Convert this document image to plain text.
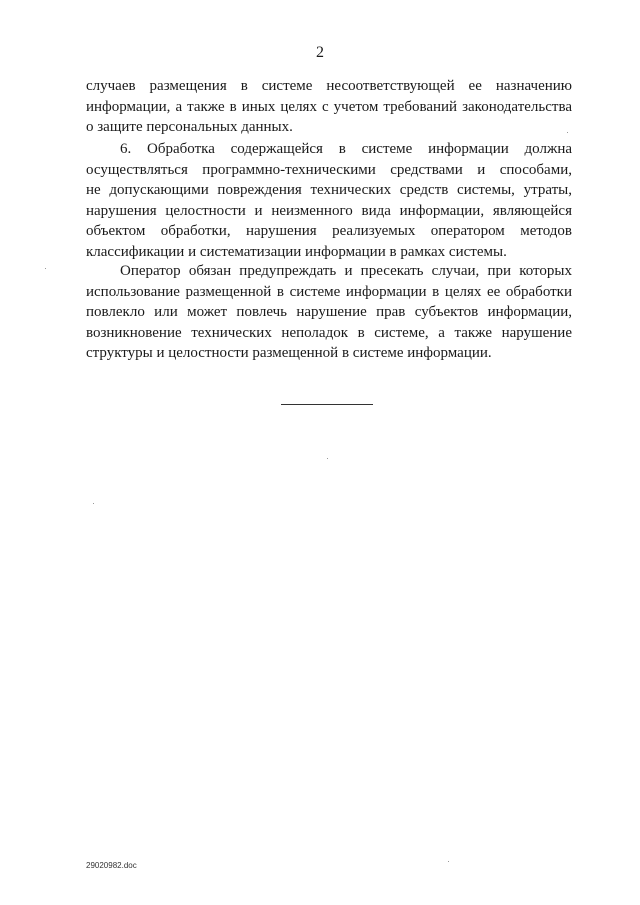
2
случаев размещения в системе несоответствующей ее назначению
информации, а также в иных целях с учетом требований законодательства
о защите персональных данных.
6. Обработка содержащейся в системе информации должна
осуществляться программно-техническими средствами и способами,
не допускающими повреждения технических средств системы, утраты,
нарушения целостности и неизменного вида информации, являющейся
объектом обработки, нарушения реализуемых оператором методов
классификации и систематизации информации в рамках системы.
Оператор обязан предупреждать и пресекать случаи, при которых
использование размещенной в системе информации в целях ее обработки
повлекло или может повлечь нарушение прав субъектов информации,
возникновение технических неполадок в системе, а также нарушение
структуры и целостности размещенной в системе информации.
29020982.doc
